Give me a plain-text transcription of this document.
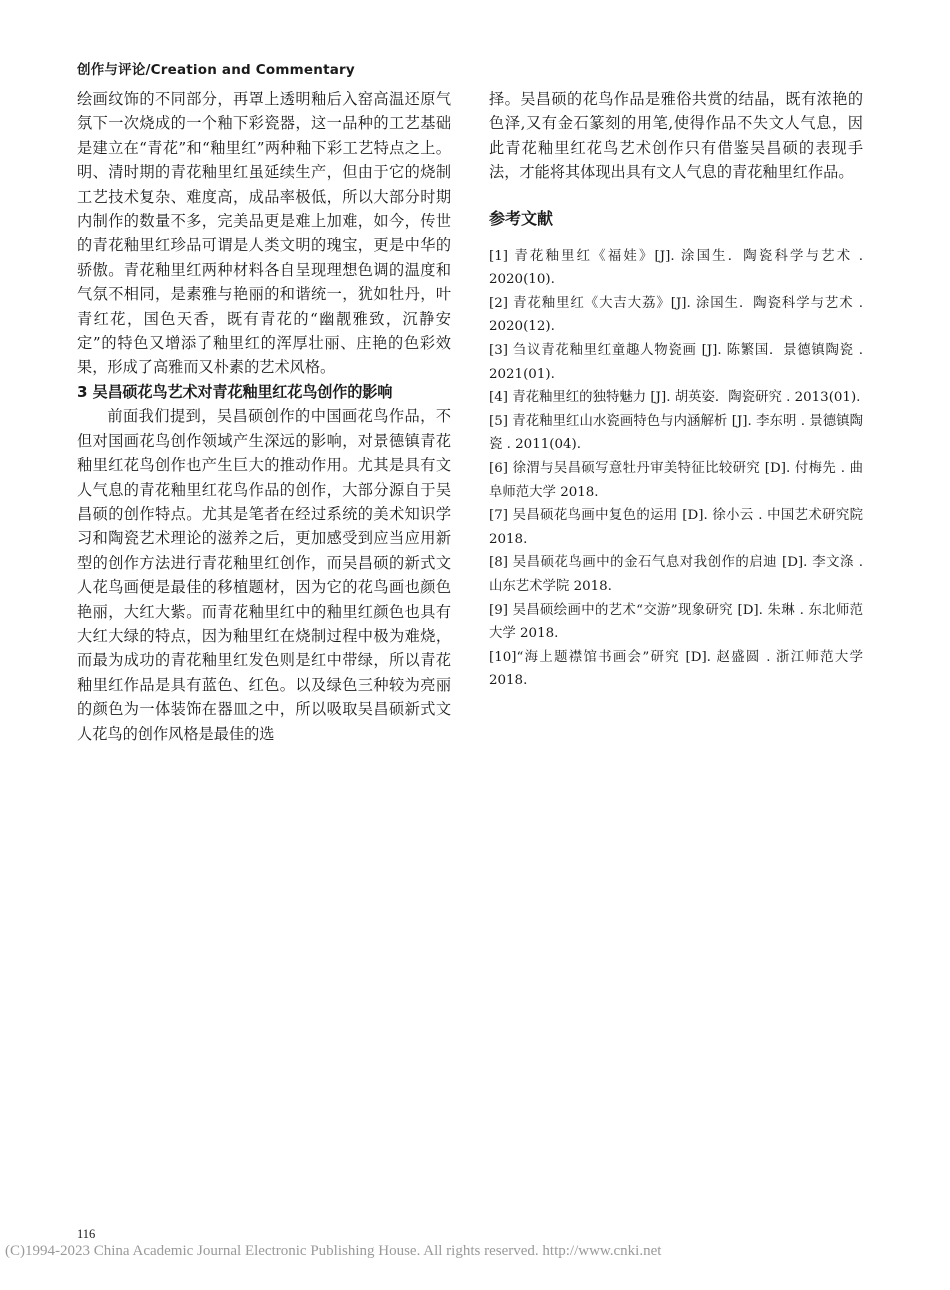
创作与评论/Creation and Commentary

绘画纹饰的不同部分，再罩上透明釉后入窑高温还原气氛下一次烧成的一个釉下彩瓷器，这一品种的工艺基础是建立在“青花”和“釉里红”两种釉下彩工艺特点之上。明、清时期的青花釉里红虽延续生产，但由于它的烧制工艺技术复杂、难度高，成品率极低，所以大部分时期内制作的数量不多，完美品更是难上加难，如今，传世的青花釉里红珍品可谓是人类文明的瑰宝，更是中华的骄傲。青花釉里红两种材料各自呈现理想色调的温度和气氛不相同，是素雅与艳丽的和谐统一，犹如牡丹，叶青红花，国色天香，既有青花的“幽靓雅致，沉静安定”的特色又增添了釉里红的浑厚壮丽、庄艳的色彩效果，形成了高雅而又朴素的艺术风格。

3 吴昌硕花鸟艺术对青花釉里红花鸟创作的影响

前面我们提到，吴昌硕创作的中国画花鸟作品，不但对国画花鸟创作领域产生深远的影响，对景德镇青花釉里红花鸟创作也产生巨大的推动作用。尤其是具有文人气息的青花釉里红花鸟作品的创作，大部分源自于吴昌硕的创作特点。尤其是笔者在经过系统的美术知识学习和陶瓷艺术理论的滋养之后，更加感受到应当应用新型的创作方法进行青花釉里红创作，而吴昌硕的新式文人花鸟画便是最佳的移植题材，因为它的花鸟画也颜色艳丽，大红大紫。而青花釉里红中的釉里红颜色也具有大红大绿的特点，因为釉里红在烧制过程中极为难烧，而最为成功的青花釉里红发色则是红中带绿，所以青花釉里红作品是具有蓝色、红色。以及绿色三种较为亮丽的颜色为一体装饰在器皿之中，所以吸取吴昌硕新式文人花鸟的创作风格是最佳的选

择。吴昌硕的花鸟作品是雅俗共赏的结晶，既有浓艳的色泽,又有金石篆刻的用笔,使得作品不失文人气息，因此青花釉里红花鸟艺术创作只有借鉴吴昌硕的表现手法，才能将其体现出具有文人气息的青花釉里红作品。

参考文献
[1] 青花釉里红《福娃》[J]. 涂国生．陶瓷科学与艺术 . 2020(10).
[2] 青花釉里红《大吉大荔》[J]. 涂国生．陶瓷科学与艺术 . 2020(12).
[3] 刍议青花釉里红童趣人物瓷画 [J]. 陈繁国．景德镇陶瓷 . 2021(01).
[4] 青花釉里红的独特魅力 [J]. 胡英姿．陶瓷研究 . 2013(01).
[5] 青花釉里红山水瓷画特色与内涵解析 [J]. 李东明 . 景德镇陶瓷 . 2011(04).
[6] 徐渭与吴昌硕写意牡丹审美特征比较研究 [D]. 付梅先 . 曲阜师范大学 2018.
[7] 吴昌硕花鸟画中复色的运用 [D]. 徐小云 . 中国艺术研究院 2018.
[8] 吴昌硕花鸟画中的金石气息对我创作的启迪 [D]. 李文涤 . 山东艺术学院 2018.
[9] 吴昌硕绘画中的艺术“交游”现象研究 [D]. 朱琳 . 东北师范大学 2018.
[10]“海上题襟馆书画会”研究 [D]. 赵盛圆 . 浙江师范大学 2018.
116
(C)1994-2023 China Academic Journal Electronic Publishing House. All rights reserved. http://www.cnki.net
